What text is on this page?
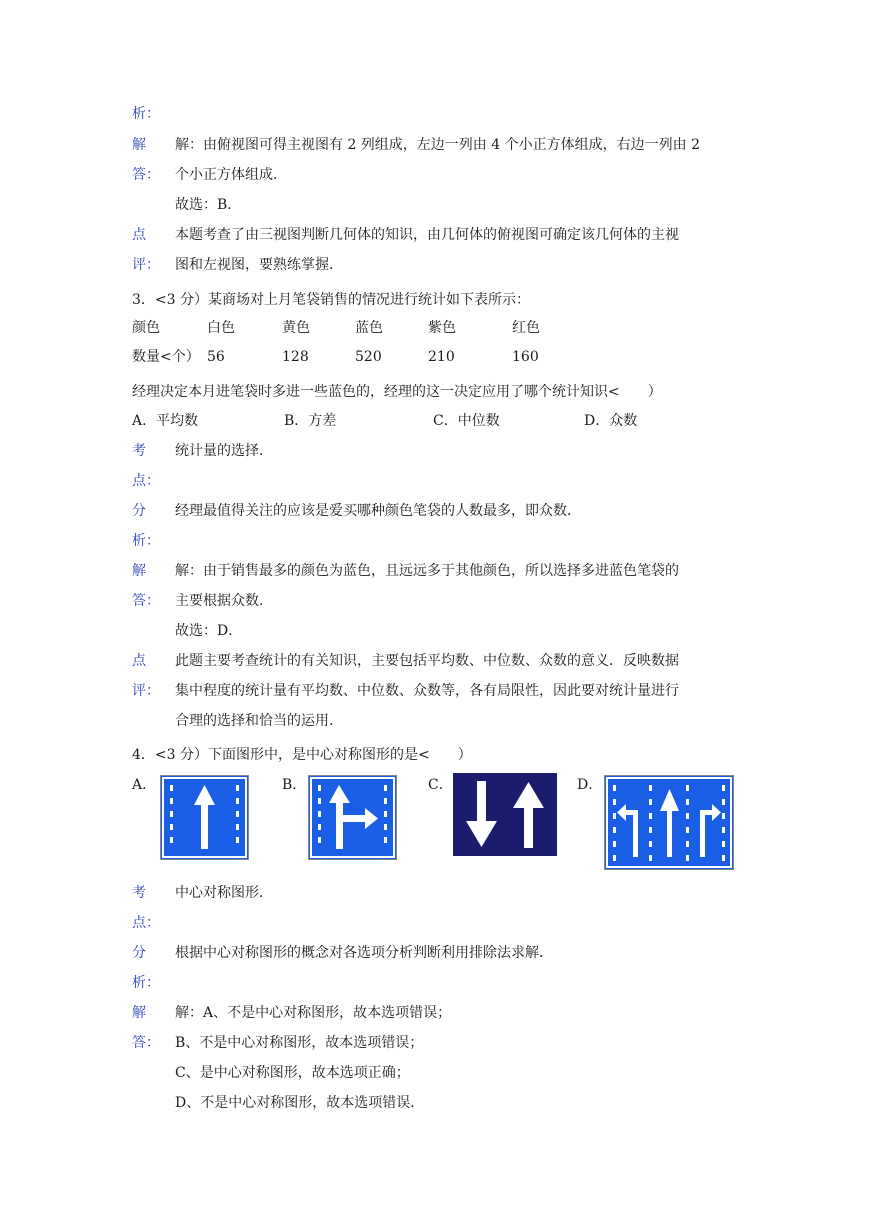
析：
解
答：
解：由俯视图可得主视图有 2 列组成，左边一列由 4 个小正方体组成，右边一列由 2
个小正方体组成．
故选：B．
点
评：
本题考查了由三视图判断几何体的知识，由几何体的俯视图可确定该几何体的主视
图和左视图，要熟练掌握．
3．<3 分）某商场对上月笔袋销售的情况进行统计如下表所示：
颜色	白色	黄色	蓝色	紫色	红色
数量<个） 56	128	520	210	160
经理决定本月进笔袋时多进一些蓝色的，经理的这一决定应用了哪个统计知识<　　）
A．平均数	B．方差	C．中位数	D．众数
考
点：
统计量的选择．
分
析：
经理最值得关注的应该是爱买哪种颜色笔袋的人数最多，即众数．
解
答：
解：由于销售最多的颜色为蓝色，且远远多于其他颜色，所以选择多进蓝色笔袋的
主要根据众数．
故选：D．
点
评：
此题主要考查统计的有关知识，主要包括平均数、中位数、众数的意义．反映数据
集中程度的统计量有平均数、中位数、众数等，各有局限性，因此要对统计量进行
合理的选择和恰当的运用．
4．<3 分）下面图形中，是中心对称图形的是<　　）
A．	B．	C．	D．
考
点：
中心对称图形．
分
析：
根据中心对称图形的概念对各选项分析判断利用排除法求解．
解
答：
解：A、不是中心对称图形，故本选项错误；
B、不是中心对称图形，故本选项错误；
C、是中心对称图形，故本选项正确；
D、不是中心对称图形，故本选项错误．
